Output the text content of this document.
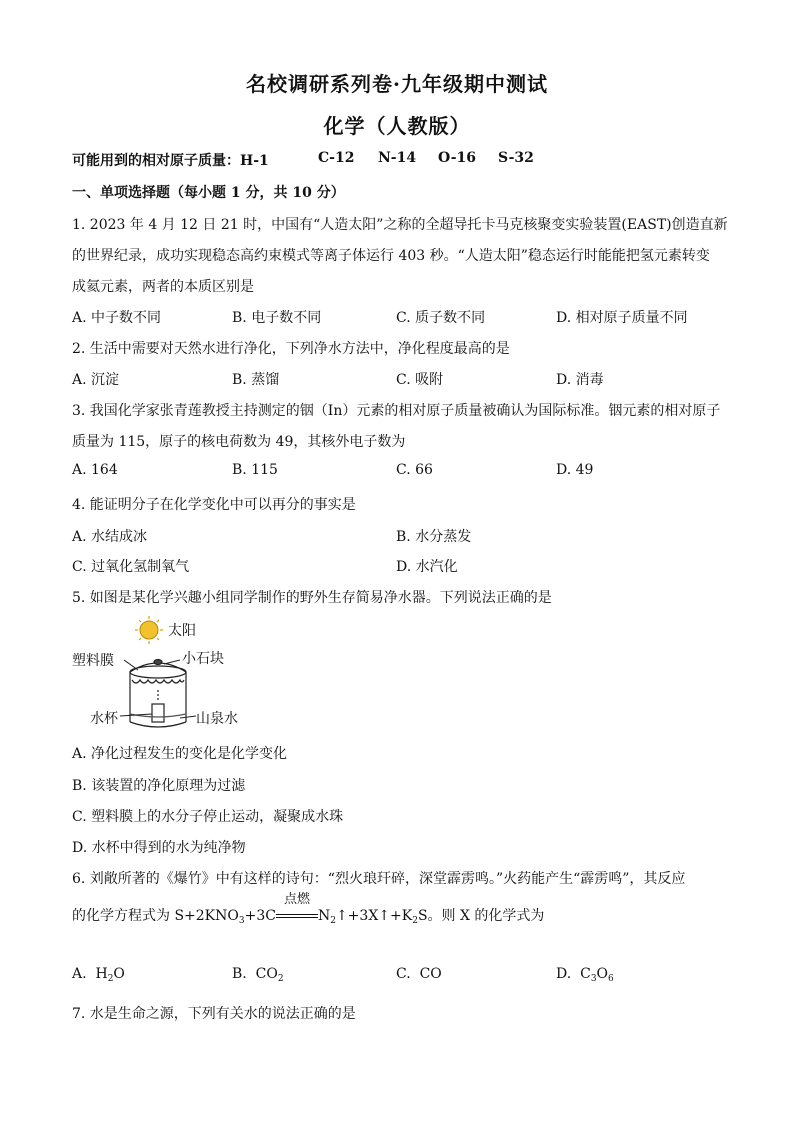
名校调研系列卷·九年级期中测试
化学（人教版）
可能用到的相对原子质量：H-1	C-12 N-14 O-16 S-32
一、单项选择题（每小题 1 分，共 10 分）
1. 2023 年 4 月 12 日 21 时，中国有“人造太阳”之称的全超导托卡马克核聚变实验装置(EAST)创造直新
的世界纪录，成功实现稳态高约束模式等离子体运行 403 秒。“人造太阳”稳态运行时能能把氢元素转变
成氦元素，两者的本质区别是
A. 中子数不同	B. 电子数不同	C. 质子数不同	D. 相对原子质量不同
2. 生活中需要对天然水进行净化，下列净水方法中，净化程度最高的是
A. 沉淀	B. 蒸馏	C. 吸附	D. 消毒
3. 我国化学家张青莲教授主持测定的铟（In）元素的相对原子质量被确认为国际标准。铟元素的相对原子
质量为 115，原子的核电荷数为 49，其核外电子数为
A. 164	B. 115	C. 66	D. 49
4. 能证明分子在化学变化中可以再分的事实是
A. 水结成冰	B. 水分蒸发
C. 过氧化氢制氧气	D. 水汽化
5. 如图是某化学兴趣小组同学制作的野外生存简易净水器。下列说法正确的是
太阳
塑料膜	小石块
水杯	山泉水
A. 净化过程发生的变化是化学变化
B. 该装置的净化原理为过滤
C. 塑料膜上的水分子停止运动，凝聚成水珠
D. 水杯中得到的水为纯净物
6. 刘敞所著的《爆竹》中有这样的诗句：“烈火琅玕碎，深堂霹雳鸣。”火药能产生“霹雳鸣”，其反应
的化学方程式为 $S+2KNO_3+3C$
点燃
$N_2↑+3X↑+K_2S$。则 X 的化学式为
A. $H_2O$	B. $CO_2$	C. CO	D. $C_3O_6$
7. 水是生命之源，下列有关水的说法正确的是
